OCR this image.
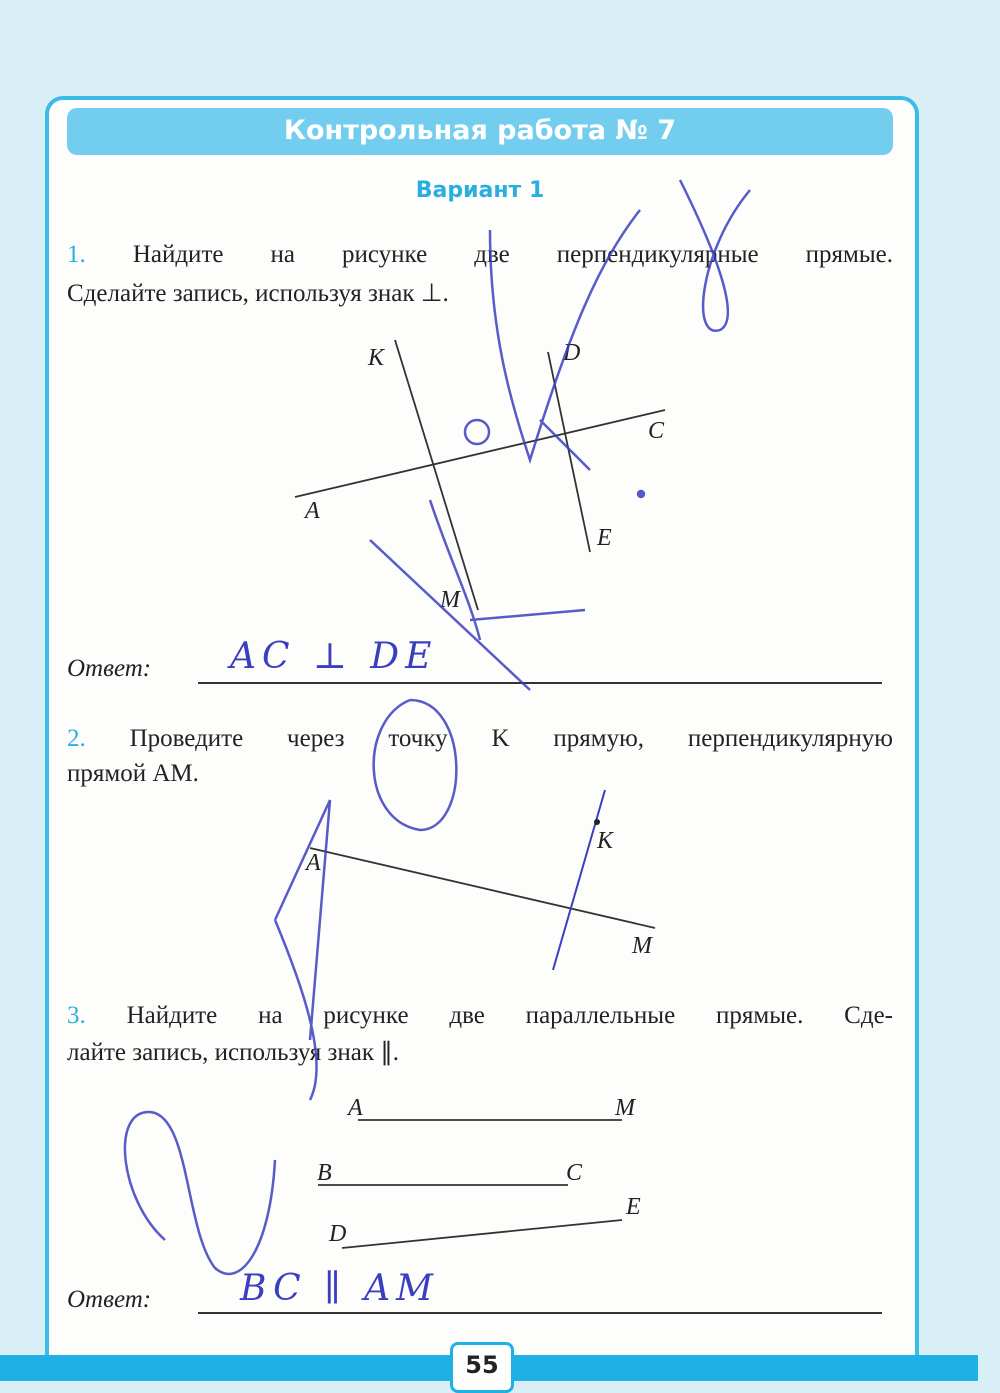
Контрольная работа № 7
Вариант 1
1. Найдите на рисунке две перпендикулярные прямые.
Сделайте запись, используя знак ⊥.
Ответ: AC ⊥ DE
2. Проведите через точку K прямую, перпендикулярную
прямой AM.
3. Найдите на рисунке две параллельные прямые. Сде-
лайте запись, используя знак ∥.
Ответ: BC ∥ AM
K	D
C
A
E
M
A
K
M
A	M
B	C
D
E
55
